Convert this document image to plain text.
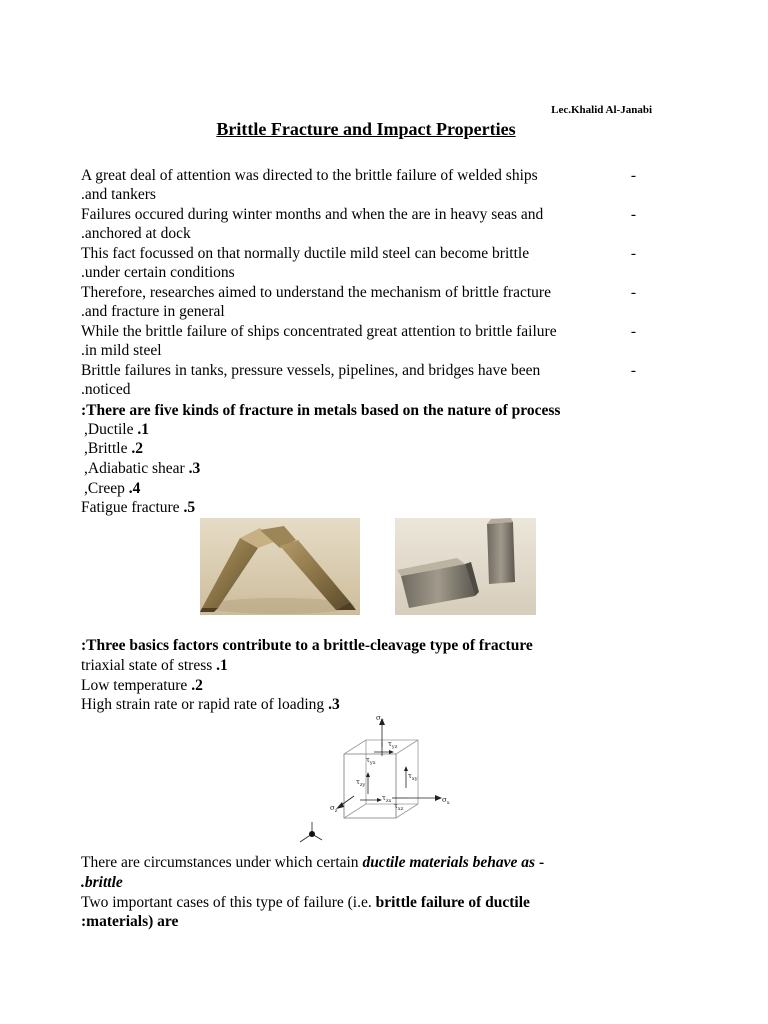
Lec.Khalid Al-Janabi
Brittle Fracture and Impact Properties
A great deal of attention was directed to the brittle failure of welded ships	-
.and tankers
Failures occured during winter months and when the are in heavy seas and	-
.anchored at dock
This fact focussed on that normally ductile mild steel can become brittle	-
.under certain conditions
Therefore, researches aimed to understand the mechanism of brittle fracture	-
.and fracture in general
While the brittle failure of ships concentrated great attention to brittle failure	-
.in mild steel
Brittle failures in tanks, pressure vessels, pipelines, and bridges have been	-
.noticed
:There are five kinds of fracture in metals based on the nature of process
,Ductile .1
,Brittle .2
,Adiabatic shear .3
,Creep .4
Fatigue fracture .5
:Three basics factors contribute to a brittle-cleavage type of fracture
triaxial state of stress .1
Low temperature .2
High strain rate or rapid rate of loading .3
$\sigma_y$
$\tau_{yx}$
$\tau_{yz}$
$\tau_{xy}$
$\tau_{zy}$
$\tau_{zx}$
$\tau_{xz}$
$\sigma_x$
$\sigma_z$
There are circumstances under which certain ductile materials behave as -
.brittle
Two important cases of this type of failure (i.e. brittle failure of ductile
:materials) are
